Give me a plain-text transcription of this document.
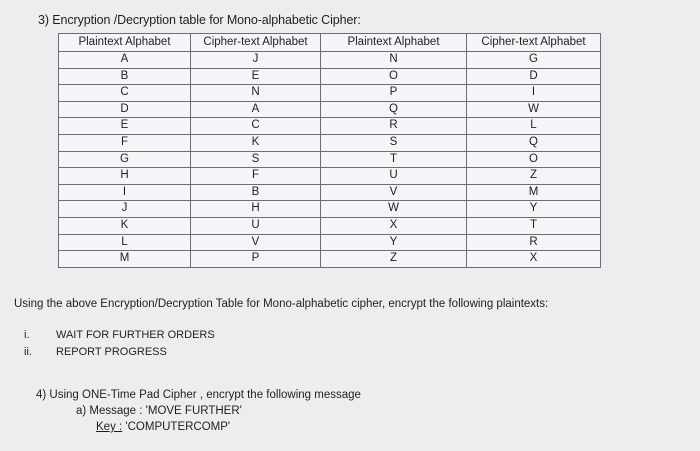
3) Encryption /Decryption table for Mono-alphabetic Cipher:
Plaintext Alphabet	Cipher-text Alphabet	Plaintext Alphabet	Cipher-text Alphabet
A	J	N	G
B	E	O	D
C	N	P	I
D	A	Q	W
E	C	R	L
F	K	S	Q
G	S	T	O
H	F	U	Z
I	B	V	M
J	H	W	Y
K	U	X	T
L	V	Y	R
M	P	Z	X
Using the above Encryption/Decryption Table for Mono-alphabetic cipher, encrypt the following plaintexts:
i.	WAIT FOR FURTHER ORDERS
ii.	REPORT PROGRESS
4) Using ONE-Time Pad Cipher , encrypt the following message
a) Message : 'MOVE FURTHER'
Key : 'COMPUTERCOMP'
